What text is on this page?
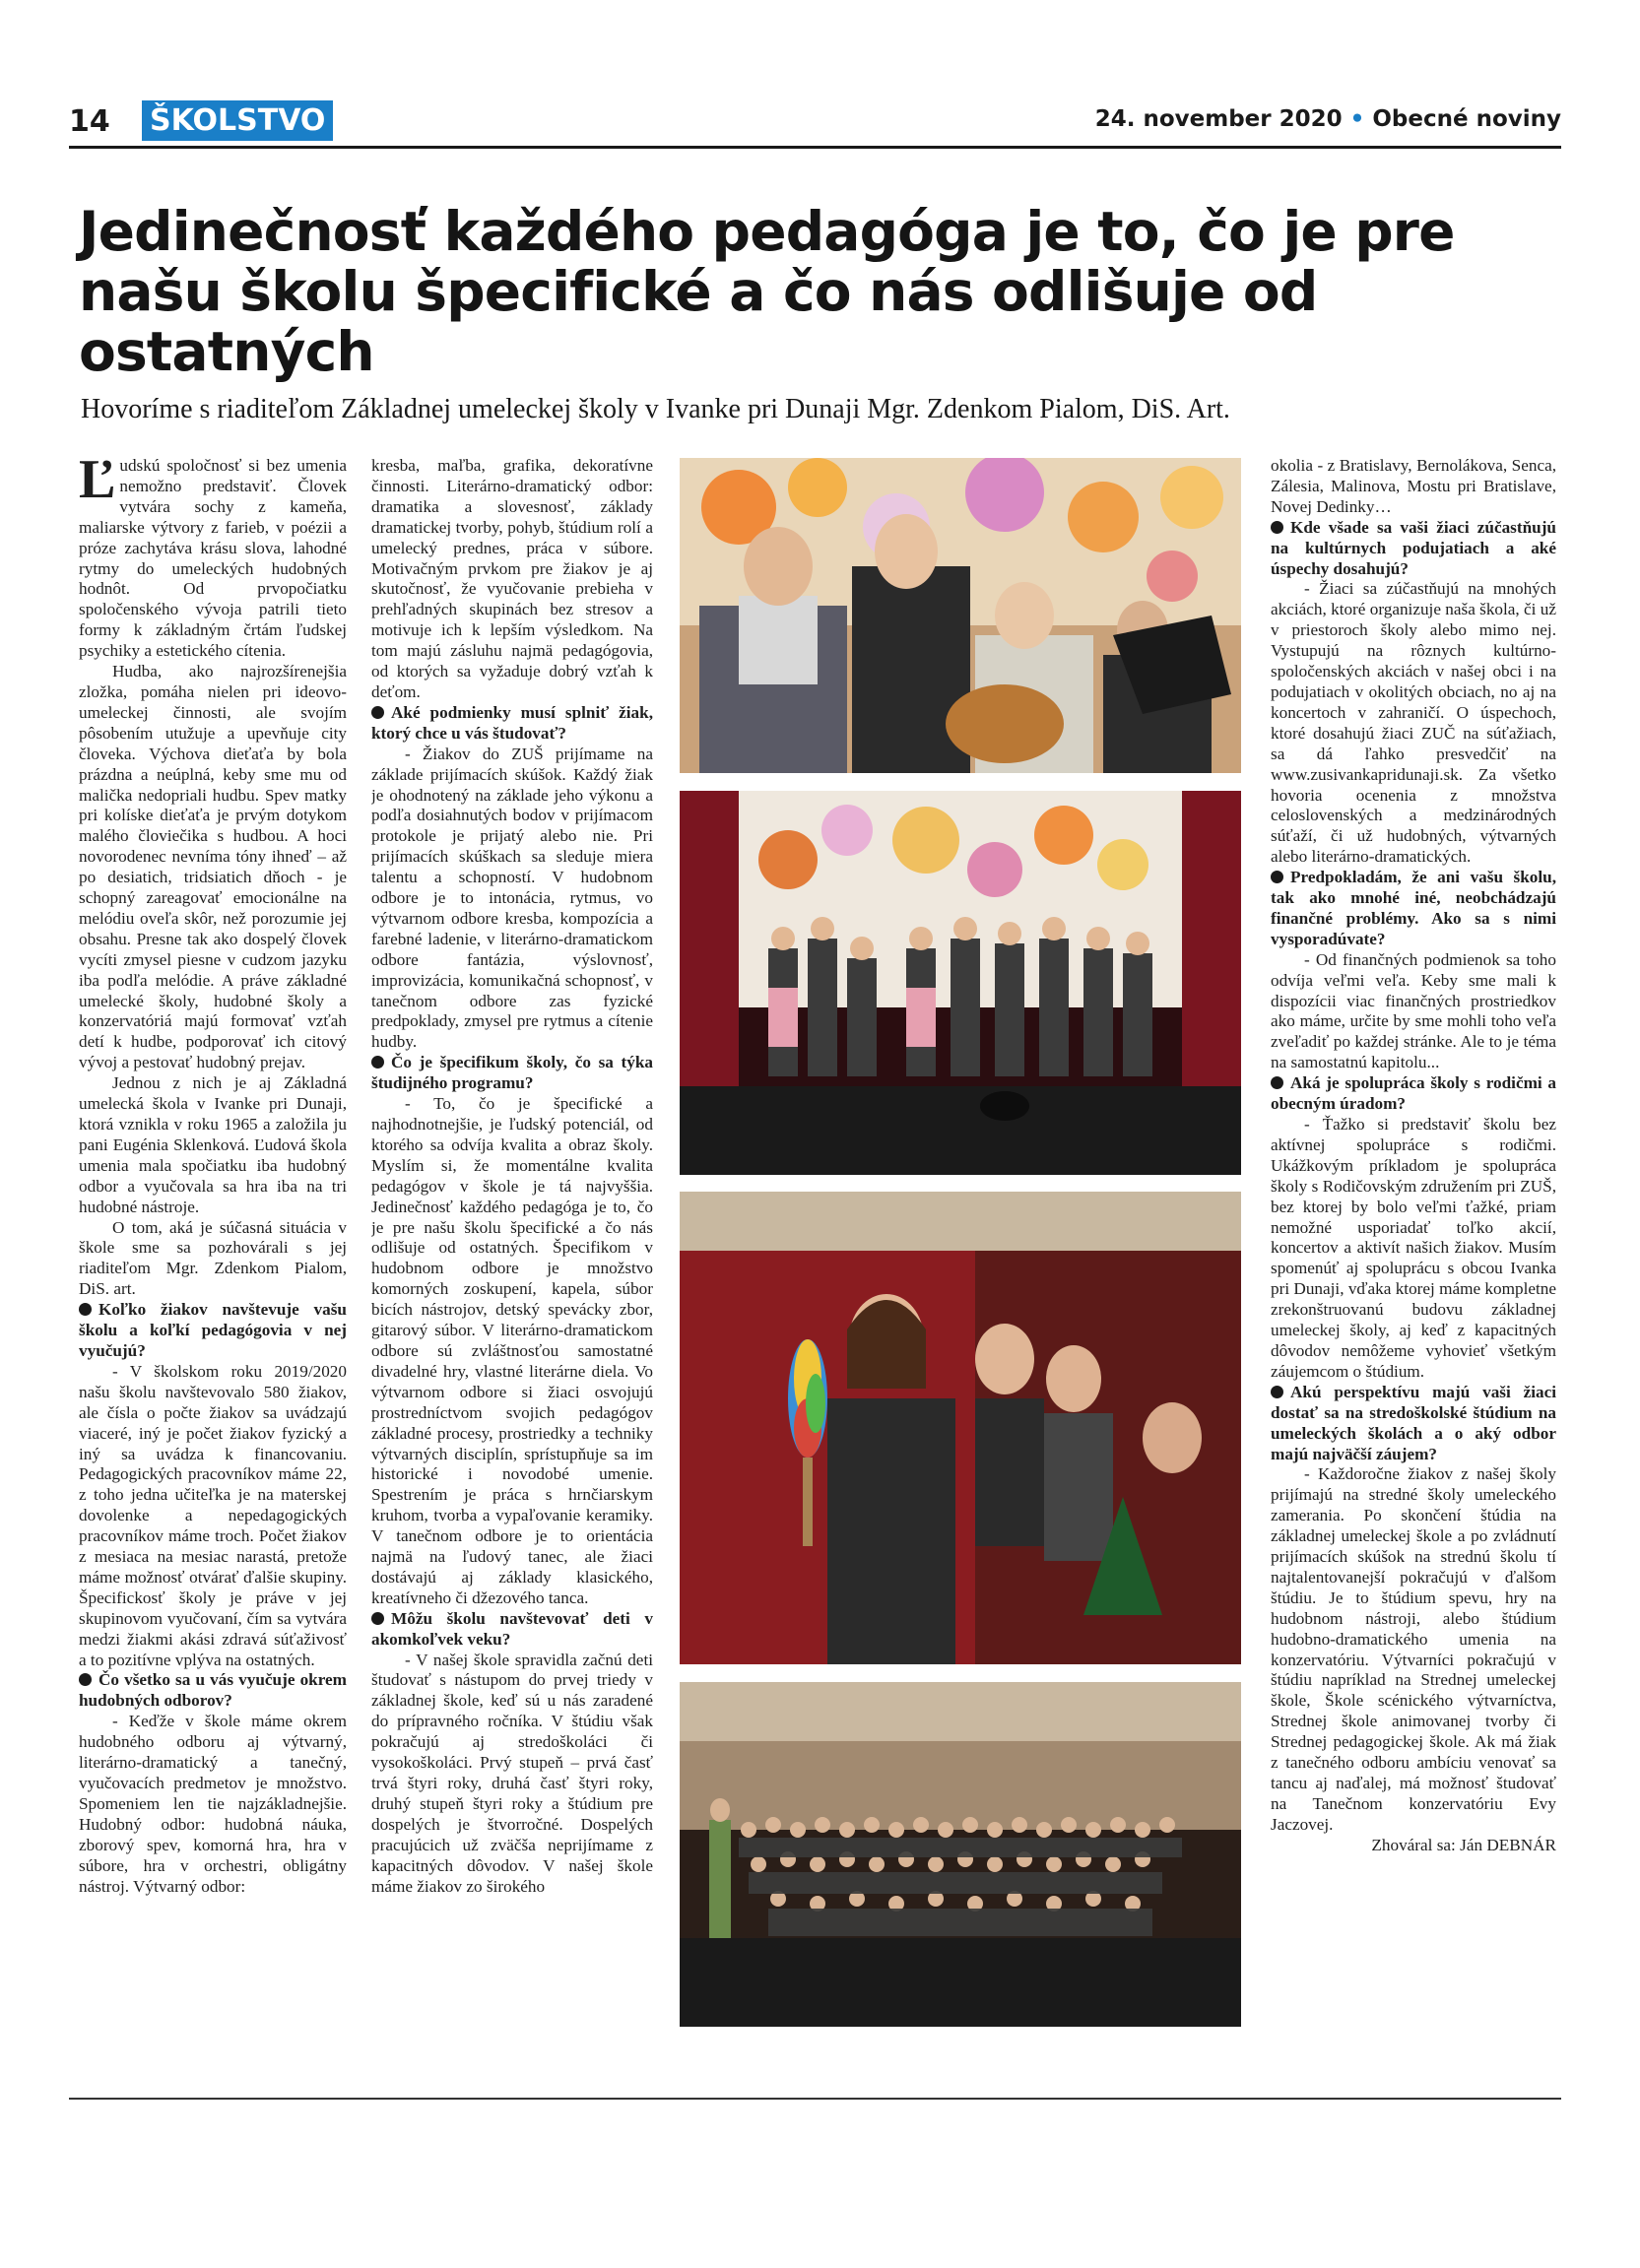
14 ŠKOLSTVO	24. november 2020 • Obecné noviny
Jedinečnosť každého pedagóga je to, čo je pre našu školu špecifické a čo nás odlišuje od ostatných
Hovoríme s riaditeľom Základnej umeleckej školy v Ivanke pri Dunaji Mgr. Zdenkom Pialom, DiS. Art.

Ľudskú spoločnosť si bez umenia nemožno predstaviť. Človek vytvára sochy z kameňa, maliarske výtvory z farieb, v poézii a próze zachytáva krásu slova, lahodné rytmy do umeleckých hudobných hodnôt. Od prvopočiatku spoločenského vývoja patrili tieto formy k základným črtám ľudskej psychiky a estetického cítenia.

Hudba, ako najrozšírenejšia zložka, pomáha nielen pri ideovo-umeleckej činnosti, ale svojím pôsobením utužuje a upevňuje city človeka. Výchova dieťaťa by bola prázdna a neúplná, keby sme mu od malička nedopriali hudbu. Spev matky pri kolíske dieťaťa je prvým dotykom malého človiečika s hudbou. A hoci novorodenec nevníma tóny ihneď – až po desiatich, tridsiatich dňoch - je schopný zareagovať emocionálne na melódiu oveľa skôr, než porozumie jej obsahu. Presne tak ako dospelý človek vycíti zmysel piesne v cudzom jazyku iba podľa melódie. A práve základné umelecké školy, hudobné školy a konzervatóriá majú formovať vzťah detí k hudbe, podporovať ich citový vývoj a pestovať hudobný prejav.

Jednou z nich je aj Základná umelecká škola v Ivanke pri Dunaji, ktorá vznikla v roku 1965 a založila ju pani Eugénia Sklenková. Ľudová škola umenia mala spočiatku iba hudobný odbor a vyučovala sa hra iba na tri hudobné nástroje.

O tom, aká je súčasná situácia v škole sme sa pozhovárali s jej riaditeľom Mgr. Zdenkom Pialom, DiS. art.

Koľko žiakov navštevuje vašu školu a koľkí pedagógovia v nej vyučujú?

- V školskom roku 2019/2020 našu školu navštevovalo 580 žiakov, ale čísla o počte žiakov sa uvádzajú viaceré, iný je počet žiakov fyzický a iný sa uvádza k financovaniu. Pedagogických pracovníkov máme 22, z toho jedna učiteľka je na materskej dovolenke a nepedagogických pracovníkov máme troch. Počet žiakov z mesiaca na mesiac narastá, pretože máme možnosť otvárať ďalšie skupiny. Špecifickosť školy je práve v jej skupinovom vyučovaní, čím sa vytvára medzi žiakmi akási zdravá súťaživosť a to pozitívne vplýva na ostatných.

Čo všetko sa u vás vyučuje okrem hudobných odborov?

- Keďže v škole máme okrem hudobného odboru aj výtvarný, literárno-dramatický a tanečný, vyučovacích predmetov je množstvo. Spomeniem len tie najzákladnejšie. Hudobný odbor: hudobná náuka, zborový spev, komorná hra, hra v súbore, hra v orchestri, obligátny nástroj. Výtvarný odbor:

kresba, maľba, grafika, dekoratívne činnosti. Literárno-dramatický odbor: dramatika a slovesnosť, základy dramatickej tvorby, pohyb, štúdium rolí a umelecký prednes, práca v súbore. Motivačným prvkom pre žiakov je aj skutočnosť, že vyučovanie prebieha v prehľadných skupinách bez stresov a motivuje ich k lepším výsledkom. Na tom majú zásluhu najmä pedagógovia, od ktorých sa vyžaduje dobrý vzťah k deťom.

Aké podmienky musí splniť žiak, ktorý chce u vás študovať?

- Žiakov do ZUŠ prijímame na základe prijímacích skúšok. Každý žiak je ohodnotený na základe jeho výkonu a podľa dosiahnutých bodov v prijímacom protokole je prijatý alebo nie. Pri prijímacích skúškach sa sleduje miera talentu a schopností. V hudobnom odbore je to intonácia, rytmus, vo výtvarnom odbore kresba, kompozícia a farebné ladenie, v literárno-dramatickom odbore fantázia, výslovnosť, improvizácia, komunikačná schopnosť, v tanečnom odbore zas fyzické predpoklady, zmysel pre rytmus a cítenie hudby.

Čo je špecifikum školy, čo sa týka študijného programu?

- To, čo je špecifické a najhodnotnejšie, je ľudský potenciál, od ktorého sa odvíja kvalita a obraz školy. Myslím si, že momentálne kvalita pedagógov v škole je tá najvyššia. Jedinečnosť každého pedagóga je to, čo je pre našu školu špecifické a čo nás odlišuje od ostatných. Špecifikom v hudobnom odbore je množstvo komorných zoskupení, kapela, súbor bicích nástrojov, detský spevácky zbor, gitarový súbor. V literárno-dramatickom odbore sú zvláštnosťou samostatné divadelné hry, vlastné literárne diela. Vo výtvarnom odbore si žiaci osvojujú prostredníctvom svojich pedagógov základné procesy, prostriedky a techniky výtvarných disciplín, sprístupňuje sa im historické i novodobé umenie. Spestrením je práca s hrnčiarskym kruhom, tvorba a vypaľovanie keramiky. V tanečnom odbore je to orientácia najmä na ľudový tanec, ale žiaci dostávajú aj základy klasického, kreatívneho či džezového tanca.

Môžu školu navštevovať deti v akomkoľvek veku?

- V našej škole spravidla začnú deti študovať s nástupom do prvej triedy v základnej škole, keď sú u nás zaradené do prípravného ročníka. V štúdiu však pokračujú aj stredoškoláci či vysokoškoláci. Prvý stupeň – prvá časť trvá štyri roky, druhá časť štyri roky, druhý stupeň štyri roky a štúdium pre dospelých je štvorročné. Dospelých pracujúcich už zväčša neprijímame z kapacitných dôvodov. V našej škole máme žiakov zo širokého

okolia - z Bratislavy, Bernolákova, Senca, Zálesia, Malinova, Mostu pri Bratislave, Novej Dedinky…

Kde všade sa vaši žiaci zúčastňujú na kultúrnych podujatiach a aké úspechy dosahujú?

- Žiaci sa zúčastňujú na mnohých akciách, ktoré organizuje naša škola, či už v priestoroch školy alebo mimo nej. Vystupujú na rôznych kultúrno-spoločenských akciách v našej obci i na podujatiach v okolitých obciach, no aj na koncertoch v zahraničí. O úspechoch, ktoré dosahujú žiaci ZUČ na súťažiach, sa dá ľahko presvedčiť na www.zusivankapridunaji.sk. Za všetko hovoria ocenenia z množstva celoslovenských a medzinárodných súťaží, či už hudobných, výtvarných alebo literárno-dramatických.

Predpokladám, že ani vašu školu, tak ako mnohé iné, neobchádzajú finančné problémy. Ako sa s nimi vysporadúvate?

- Od finančných podmienok sa toho odvíja veľmi veľa. Keby sme mali k dispozícii viac finančných prostriedkov ako máme, určite by sme mohli toho veľa zveľadiť po každej stránke. Ale to je téma na samostatnú kapitolu...

Aká je spolupráca školy s rodičmi a obecným úradom?

- Ťažko si predstaviť školu bez aktívnej spolupráce s rodičmi. Ukážkovým príkladom je spolupráca školy s Rodičovským združením pri ZUŠ, bez ktorej by bolo veľmi ťažké, priam nemožné usporiadať toľko akcií, koncertov a aktivít našich žiakov. Musím spomenúť aj spoluprácu s obcou Ivanka pri Dunaji, vďaka ktorej máme kompletne zrekonštruovanú budovu základnej umeleckej školy, aj keď z kapacitných dôvodov nemôžeme vyhovieť všetkým záujemcom o štúdium.

Akú perspektívu majú vaši žiaci dostať sa na stredoškolské štúdium na umeleckých školách a o aký odbor majú najväčší záujem?

- Každoročne žiakov z našej školy prijímajú na stredné školy umeleckého zamerania. Po skončení štúdia na základnej umeleckej škole a po zvládnutí prijímacích skúšok na strednú školu tí najtalentovanejší pokračujú v ďalšom štúdiu. Je to štúdium spevu, hry na hudobnom nástroji, alebo štúdium hudobno-dramatického umenia na konzervatóriu. Výtvarníci pokračujú v štúdiu napríklad na Strednej umeleckej škole, Škole scénického výtvarníctva, Strednej škole animovanej tvorby či Strednej pedagogickej škole. Ak má žiak z tanečného odboru ambíciu venovať sa tancu aj naďalej, má možnosť študovať na Tanečnom konzervatóriu Evy Jaczovej.

Zhováral sa: Ján DEBNÁR
